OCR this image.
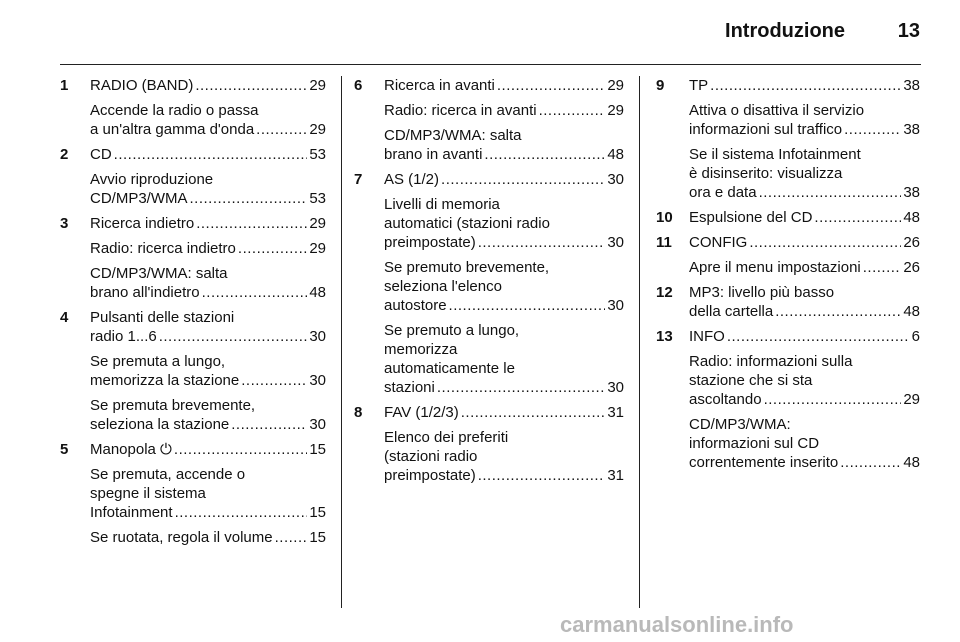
Introduzione	13
1 RADIO (BAND) .....	29
Accende la radio o passa
a un'altra gamma d'onda .....	29
2 CD .....	53
Avvio riproduzione
CD/MP3/WMA .....	53
3 Ricerca indietro .....	29
Radio: ricerca indietro .....	29
CD/MP3/WMA: salta
brano all'indietro .....	48
4 Pulsanti delle stazioni
radio 1...6 .....	30
Se premuta a lungo,
memorizza la stazione .....	30
Se premuta brevemente,
seleziona la stazione .....	30
5 Manopola ⏻ .....	15
Se premuta, accende o
spegne il sistema
Infotainment .....	15
Se ruotata, regola il volume ..... 15
6 Ricerca in avanti .....	29
Radio: ricerca in avanti .....	29
CD/MP3/WMA: salta
brano in avanti .....	48
7 AS (1/2) .....	30
Livelli di memoria
automatici (stazioni radio
preimpostate) .....	30
Se premuto brevemente,
seleziona l'elenco
autostore .....	30
Se premuto a lungo,
memorizza
automaticamente le
stazioni .....	30
8 FAV (1/2/3) .....	31
Elenco dei preferiti
(stazioni radio
preimpostate) .....	31
9 TP .....	38
Attiva o disattiva il servizio
informazioni sul traffico .....	38
Se il sistema Infotainment
è disinserito: visualizza
ora e data .....	38
10 Espulsione del CD .....	48
11 CONFIG .....	26
Apre il menu impostazioni .....	26
12 MP3: livello più basso
della cartella .....	48
13 INFO .....	6
Radio: informazioni sulla
stazione che si sta
ascoltando .....	29
CD/MP3/WMA:
informazioni sul CD
correntemente inserito .....	48
carmanualsonline.info
